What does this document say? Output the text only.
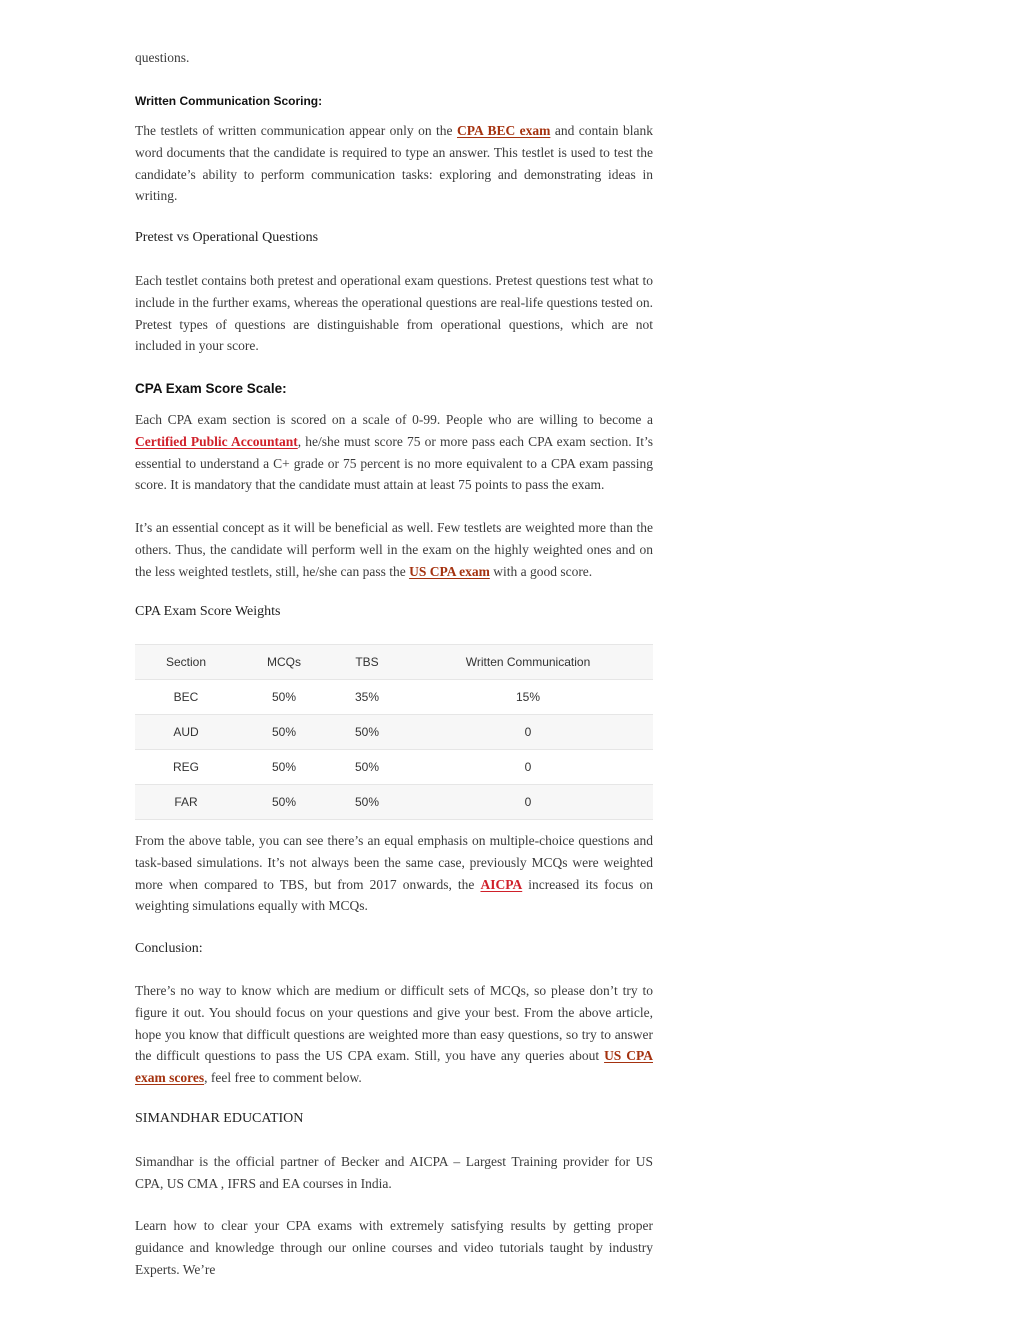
questions.

Written Communication Scoring:

The testlets of written communication appear only on the CPA BEC exam and contain blank word documents that the candidate is required to type an answer. This testlet is used to test the candidate’s ability to perform communication tasks: exploring and demonstrating ideas in writing.

Pretest vs Operational Questions

Each testlet contains both pretest and operational exam questions. Pretest questions test what to include in the further exams, whereas the operational questions are real-life questions tested on. Pretest types of questions are distinguishable from operational questions, which are not included in your score.

CPA Exam Score Scale:

Each CPA exam section is scored on a scale of 0-99. People who are willing to become a Certified Public Accountant, he/she must score 75 or more pass each CPA exam section. It’s essential to understand a C+ grade or 75 percent is no more equivalent to a CPA exam passing score. It is mandatory that the candidate must attain at least 75 points to pass the exam.

It’s an essential concept as it will be beneficial as well. Few testlets are weighted more than the others. Thus, the candidate will perform well in the exam on the highly weighted ones and on the less weighted testlets, still, he/she can pass the US CPA exam with a good score.

CPA Exam Score Weights
Section	MCQs	TBS	Written Communication
BEC	50%	35%	15%
AUD	50%	50%	0
REG	50%	50%	0
FAR	50%	50%	0

From the above table, you can see there’s an equal emphasis on multiple-choice questions and task-based simulations. It’s not always been the same case, previously MCQs were weighted more when compared to TBS, but from 2017 onwards, the AICPA increased its focus on weighting simulations equally with MCQs.

Conclusion:

There’s no way to know which are medium or difficult sets of MCQs, so please don’t try to figure it out. You should focus on your questions and give your best. From the above article, hope you know that difficult questions are weighted more than easy questions, so try to answer the difficult questions to pass the US CPA exam. Still, you have any queries about US CPA exam scores, feel free to comment below.

SIMANDHAR EDUCATION

Simandhar is the official partner of Becker and AICPA – Largest Training provider for US CPA, US CMA , IFRS and EA courses in India.

Learn how to clear your CPA exams with extremely satisfying results by getting proper guidance and knowledge through our online courses and video tutorials taught by industry Experts. We’re
